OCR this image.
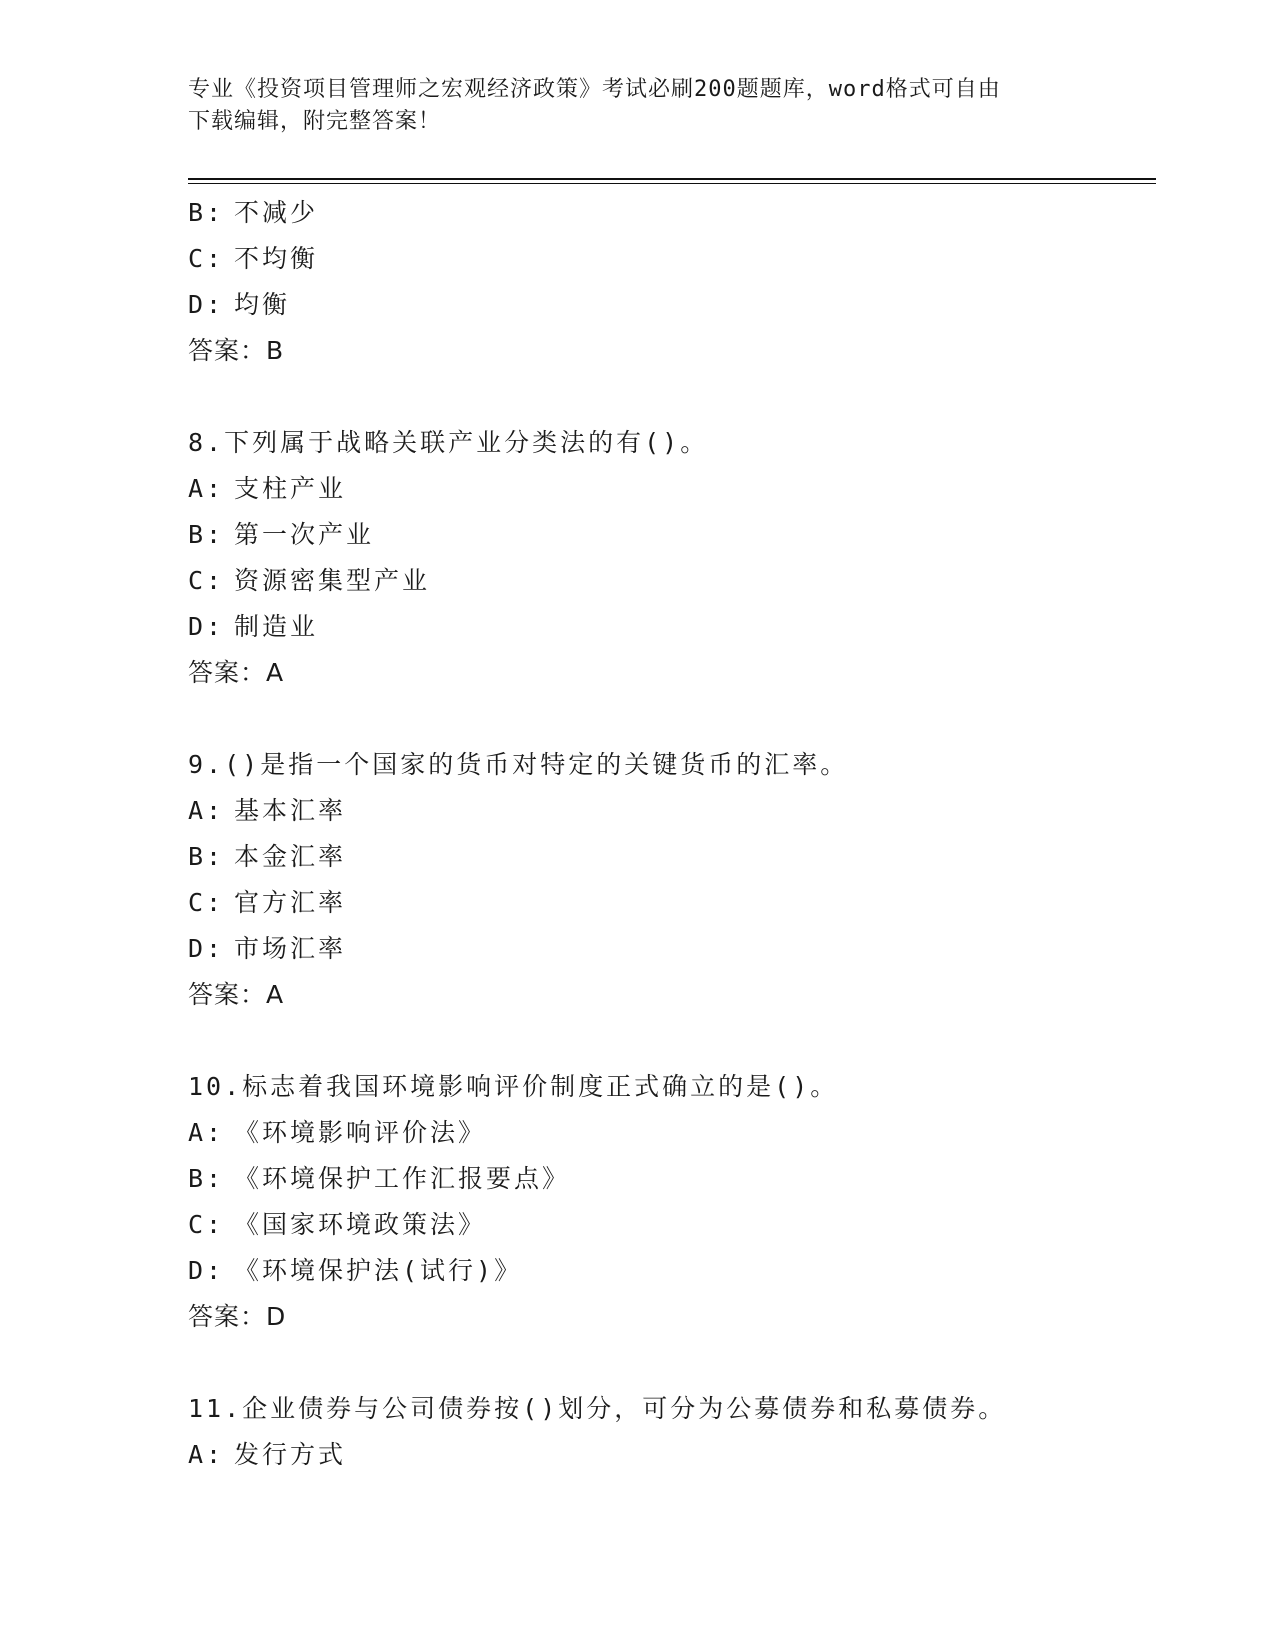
专业《投资项目管理师之宏观经济政策》考试必刷200题题库，word格式可自由
下载编辑，附完整答案！
B: 不减少
C: 不均衡
D: 均衡
答案：B
8.下列属于战略关联产业分类法的有()。
A: 支柱产业
B: 第一次产业
C: 资源密集型产业
D: 制造业
答案：A
9.()是指一个国家的货币对特定的关键货币的汇率。
A: 基本汇率
B: 本金汇率
C: 官方汇率
D: 市场汇率
答案：A
10.标志着我国环境影响评价制度正式确立的是()。
A: 《环境影响评价法》
B: 《环境保护工作汇报要点》
C: 《国家环境政策法》
D: 《环境保护法(试行)》
答案：D
11.企业债券与公司债券按()划分，可分为公募债券和私募债券。
A: 发行方式
